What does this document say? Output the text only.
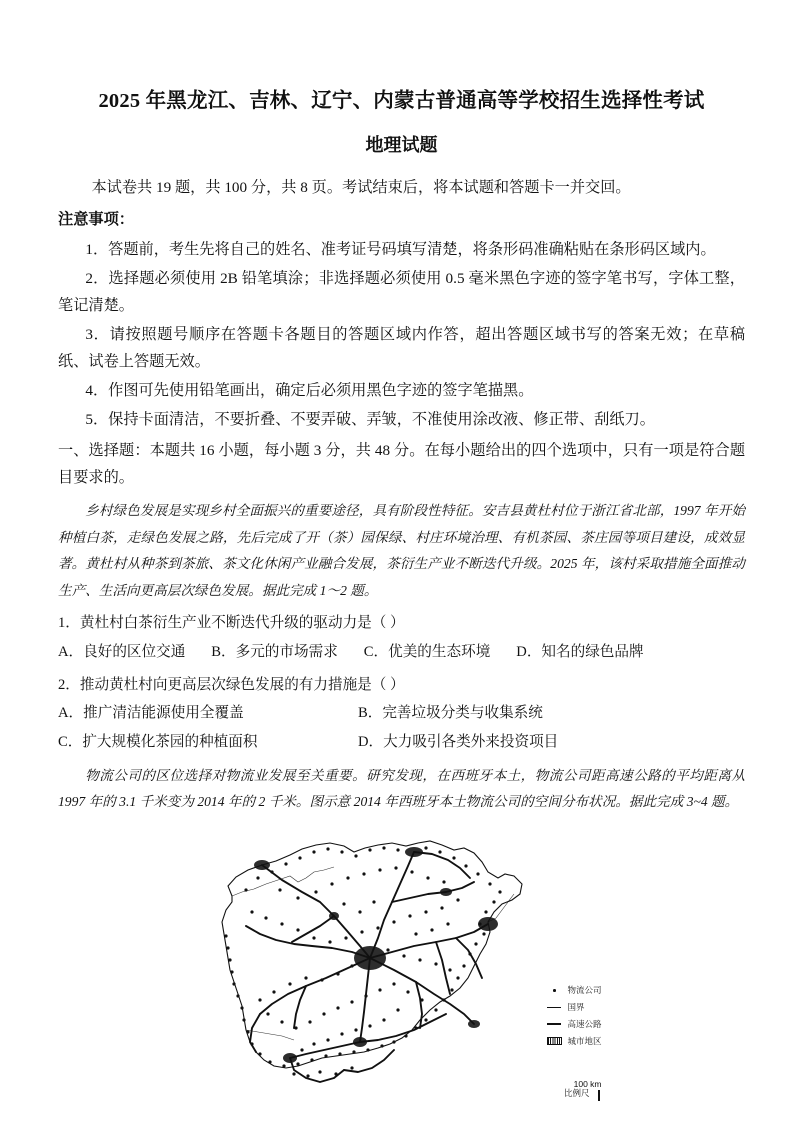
2025 年黑龙江、吉林、辽宁、内蒙古普通高等学校招生选择性考试
地理试题

本试卷共 19 题，共 100 分，共 8 页。考试结束后，将本试题和答题卡一并交回。

注意事项：

1．答题前，考生先将自己的姓名、准考证号码填写清楚，将条形码准确粘贴在条形码区域内。

2．选择题必须使用 2B 铅笔填涂；非选择题必须使用 0.5 毫米黑色字迹的签字笔书写，字体工整，笔记清楚。

3．请按照题号顺序在答题卡各题目的答题区域内作答，超出答题区域书写的答案无效；在草稿纸、试卷上答题无效。

4．作图可先使用铅笔画出，确定后必须用黑色字迹的签字笔描黑。

5．保持卡面清洁，不要折叠、不要弄破、弄皱，不准使用涂改液、修正带、刮纸刀。

一、选择题：本题共 16 小题，每小题 3 分，共 48 分。在每小题给出的四个选项中，只有一项是符合题目要求的。

乡村绿色发展是实现乡村全面振兴的重要途径，具有阶段性特征。安吉县黄杜村位于浙江省北部，1997 年开始种植白茶，走绿色发展之路，先后完成了开（茶）园保绿、村庄环境治理、有机茶园、茶庄园等项目建设，成效显著。黄杜村从种茶到茶旅、茶文化休闲产业融合发展，茶衍生产业不断迭代升级。2025 年，该村采取措施全面推动生产、生活向更高层次绿色发展。据此完成 1～2 题。

1．黄杜村白茶衍生产业不断迭代升级的驱动力是（ ）

A．良好的区位交通 B．多元的市场需求 C．优美的生态环境 D．知名的绿色品牌

2．推动黄杜村向更高层次绿色发展的有力措施是（ ）

A．推广清洁能源使用全覆盖	B．完善垃圾分类与收集系统
C．扩大规模化茶园的种植面积	D．大力吸引各类外来投资项目

物流公司的区位选择对物流业发展至关重要。研究发现，在西班牙本土，物流公司距高速公路的平均距离从 1997 年的 3.1 千米变为 2014 年的 2 千米。图示意 2014 年西班牙本土物流公司的空间分布状况。据此完成 3~4 题。

物流公司
国界
高速公路
城市地区
比例尺
100 km
